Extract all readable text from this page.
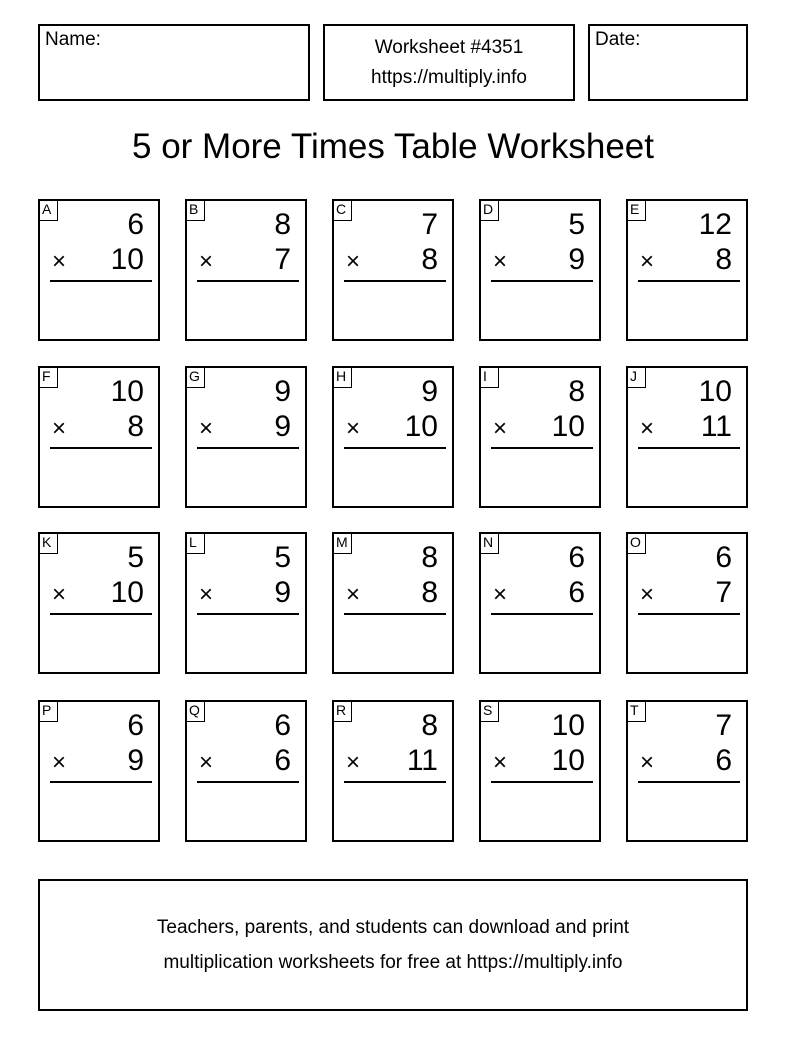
Name:	Worksheet #4351
https://multiply.info
Date:
5 or More Times Table Worksheet
A	6
× 10
B	8
× 7
C	7
× 8
D	5
× 9
E 12
× 8
F 10
× 8
G 9
× 9
H	9
× 10
I	8
× 10
J	10
× 11
K	5
× 10
L	5
× 9
M 8
× 8
N	6
× 6
O 6
× 7
P	6
× 9
Q 6
× 6
R	8
× 11
S 10
× 10
T	7
× 6
Teachers, parents, and students can download and print
multiplication worksheets for free at https://multiply.info
